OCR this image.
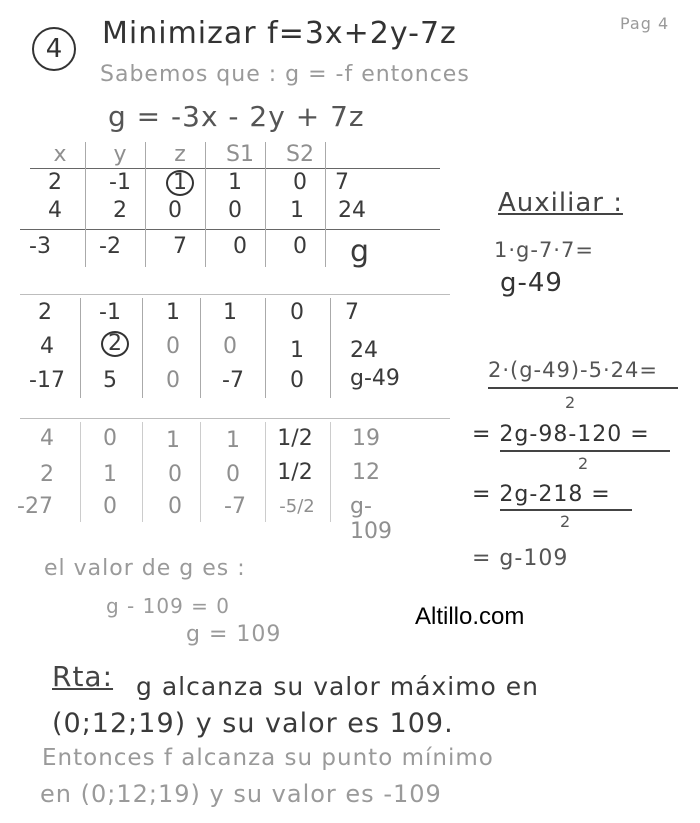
4	Minimizar f=3x+2y-7z	Pag 4
Sabemos que : g = -f entonces
g = -3x - 2y + 7z
x	y	z	S1	S2
2	-1	1	1	0	7
4	2	0	0	1	24
-3	-2	7	0	0	g
2	-1	1	1	0	7
4	2	0	0	1	24
-17	5	0	-7	0	g-49
4	0	1	1	1/2	19
2	1	0	0	1/2	12
-27	0	0	-7	-5/2	g-109
Auxiliar :
1·g-7·7=
g-49
2·(g-49)-5·24=
2
= 2g-98-120 =
2
= 2g-218 =
2
= g-109
el valor de g es :
g - 109 = 0
g = 109
Altillo.com
Rta: g alcanza su valor máximo en
(0;12;19) y su valor es 109.
Entonces f alcanza su punto mínimo
en (0;12;19) y su valor es -109
